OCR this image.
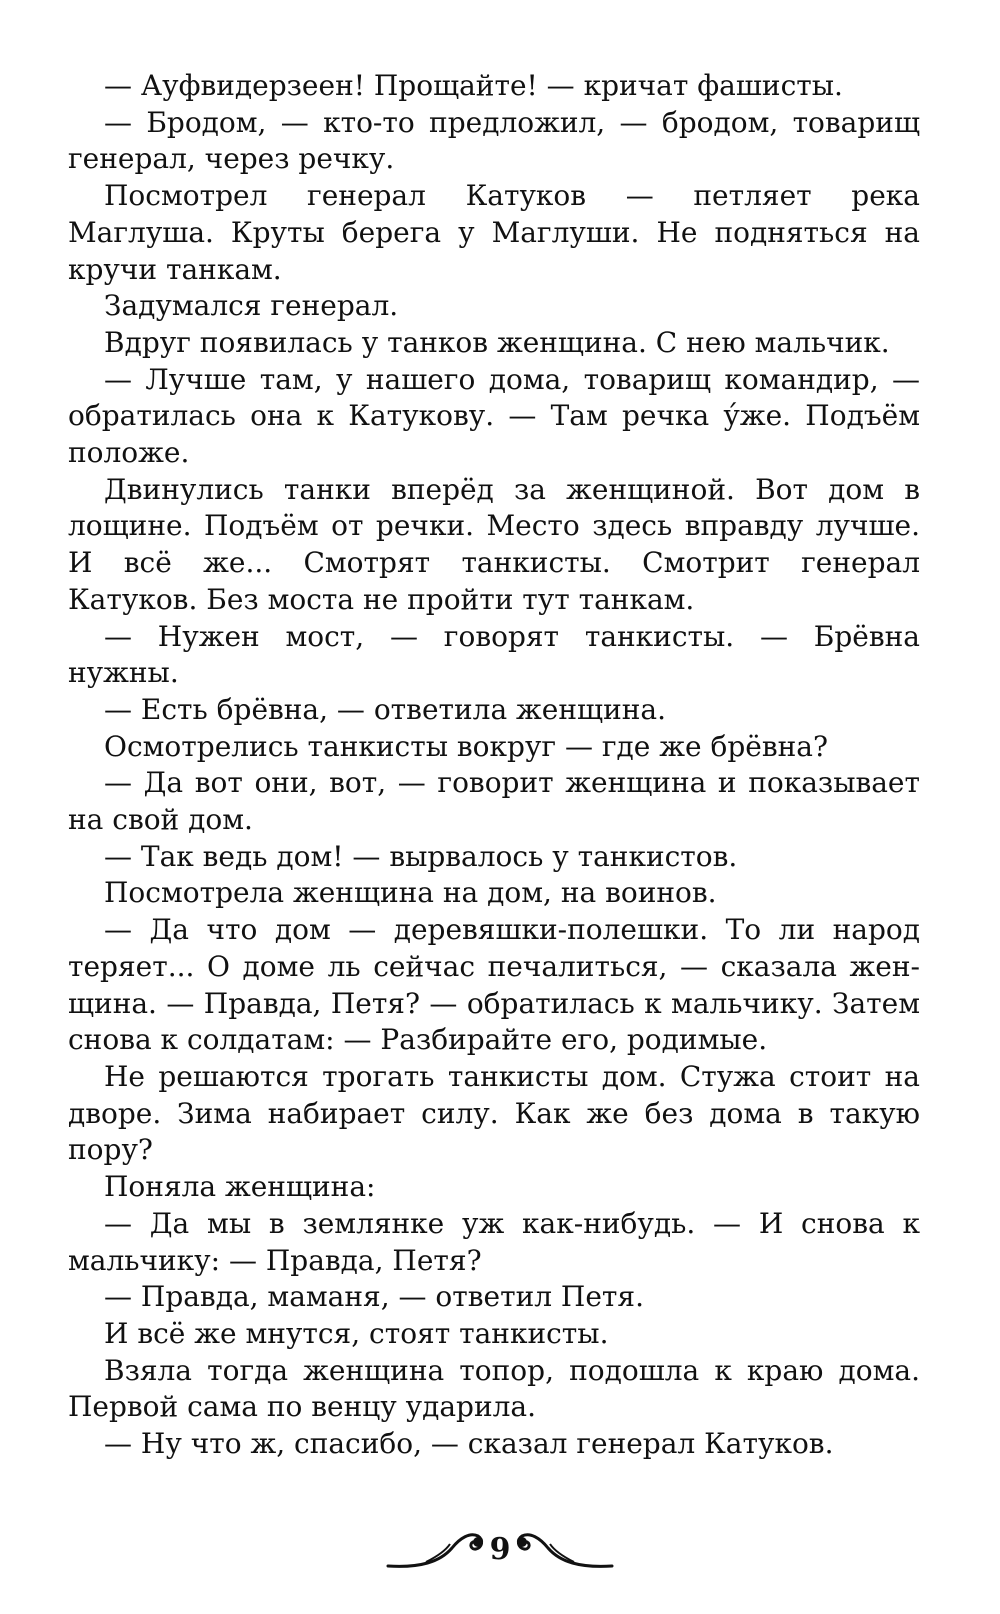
— Ауфвидерзеен! Прощайте! — кричат фашисты.

— Бродом, — кто-то предложил, — бродом, товарищ генерал, через речку.

Посмотрел генерал Катуков — петляет река Маглуша. Круты берега у Маглуши. Не подняться на кручи танкам.

Задумался генерал.

Вдруг появилась у танков женщина. С нею мальчик.

— Лучше там, у нашего дома, товарищ командир, — обратилась она к Катукову. — Там речка у́же. Подъём положе.

Двинулись танки вперёд за женщиной. Вот дом в лощине. Подъём от речки. Место здесь вправду лучше. И всё же... Смотрят танкисты. Смотрит генерал Катуков. Без моста не пройти тут танкам.

— Нужен мост, — говорят танкисты. — Брёвна нужны.

— Есть брёвна, — ответила женщина.

Осмотрелись танкисты вокруг — где же брёвна?

— Да вот они, вот, — говорит женщина и показывает на свой дом.

— Так ведь дом! — вырвалось у танкистов.

Посмотрела женщина на дом, на воинов.

— Да что дом — деревяшки-полешки. То ли народ теряет... О доме ль сейчас печалиться, — сказала женщина. — Правда, Петя? — обратилась к мальчику. Затем снова к солдатам: — Разбирайте его, родимые.

Не решаются трогать танкисты дом. Стужа стоит на дворе. Зима набирает силу. Как же без дома в такую пору?

Поняла женщина:

— Да мы в землянке уж как-нибудь. — И снова к мальчику: — Правда, Петя?

— Правда, маманя, — ответил Петя.

И всё же мнутся, стоят танкисты.

Взяла тогда женщина топор, подошла к краю дома. Первой сама по венцу ударила.

— Ну что ж, спасибо, — сказал генерал Катуков.

9
